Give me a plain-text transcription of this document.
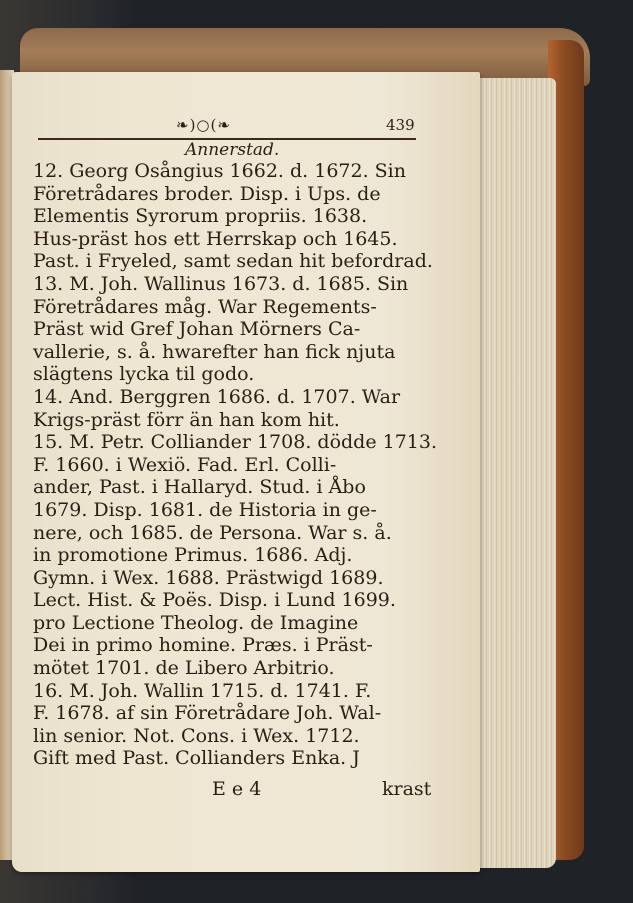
❧)○(❧	439
Annerstad.
12. Georg Osångius 1662. d. 1672. Sin
Företrådares broder. Disp. i Ups. de
Elementis Syrorum propriis. 1638.
Hus-präst hos ett Herrskap och 1645.
Past. i Fryeled, samt sedan hit befordrad.
13. M. Joh. Wallinus 1673. d. 1685. Sin
Företrådares måg. War Regements-
Präst wid Gref Johan Mörners Ca-
vallerie, s. å. hwarefter han fick njuta
slägtens lycka til godo.
14. And. Berggren 1686. d. 1707. War
Krigs-präst förr än han kom hit.
15. M. Petr. Colliander 1708. dödde 1713.
F. 1660. i Wexiö. Fad. Erl. Colli-
ander, Past. i Hallaryd. Stud. i Åbo
1679. Disp. 1681. de Historia in ge-
nere, och 1685. de Persona. War s. å.
in promotione Primus. 1686. Adj.
Gymn. i Wex. 1688. Prästwigd 1689.
Lect. Hist. & Poës. Disp. i Lund 1699.
pro Lectione Theolog. de Imagine
Dei in primo homine. Præs. i Präst-
mötet 1701. de Libero Arbitrio.
16. M. Joh. Wallin 1715. d. 1741. F.
F. 1678. af sin Företrådare Joh. Wal-
lin senior. Not. Cons. i Wex. 1712.
Gift med Past. Collianders Enka. J
E e 4	krast
